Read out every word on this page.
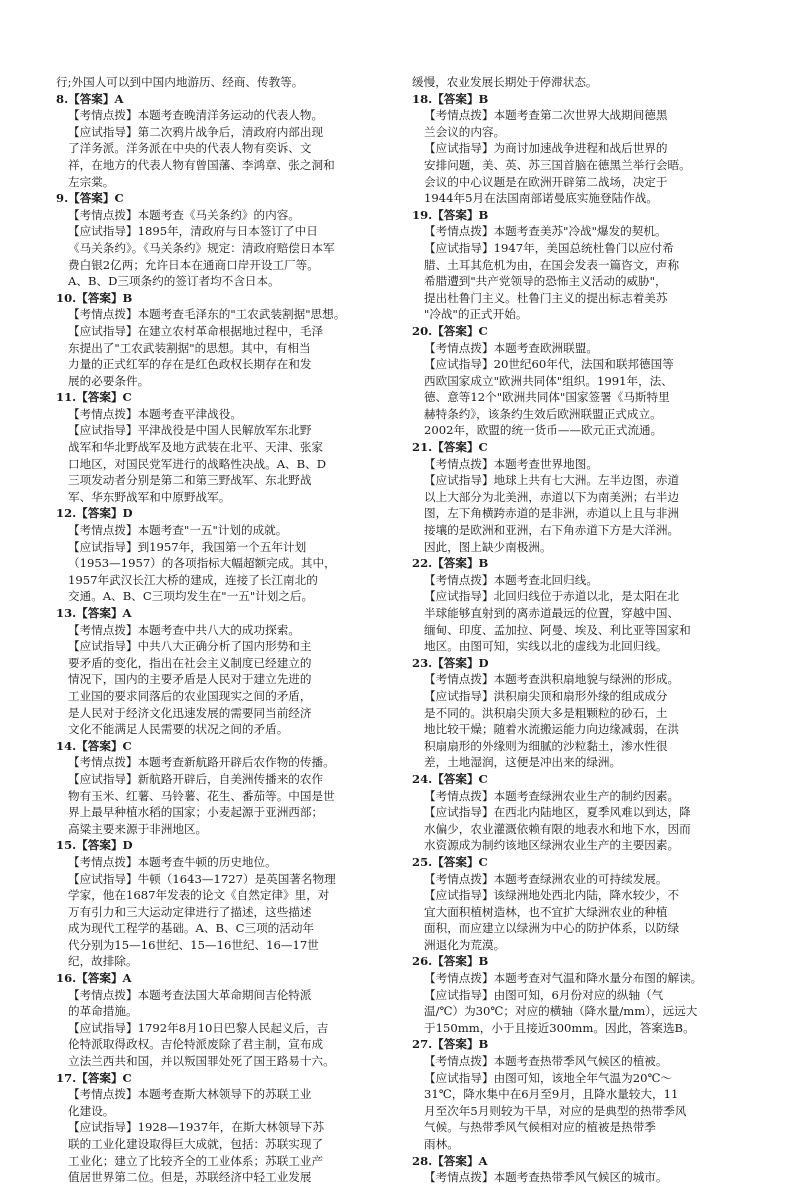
行;外国人可以到中国内地游历、经商、传教等。
8.【答案】A
【考情点拨】本题考查晚清洋务运动的代表人物。
【应试指导】第二次鸦片战争后，清政府内部出现
了洋务派。洋务派在中央的代表人物有奕诉、文
祥，在地方的代表人物有曾国藩、李鸿章、张之洞和
左宗棠。
9.【答案】C
【考情点拨】本题考查《马关条约》的内容。
【应试指导】1895年，清政府与日本签订了中日
《马关条约》。《马关条约》规定：清政府赔偿日本军
费白银2亿两；允许日本在通商口岸开设工厂等。
A、B、D三项条约的签订者均不含日本。
10.【答案】B
【考情点拨】本题考查毛泽东的"工农武装割据"思想。
【应试指导】在建立农村革命根据地过程中，毛泽
东提出了"工农武装割据"的思想。其中，有相当
力量的正式红军的存在是红色政权长期存在和发
展的必要条件。
11.【答案】C
【考情点拨】本题考查平津战役。
【应试指导】平津战役是中国人民解放军东北野
战军和华北野战军及地方武装在北平、天津、张家
口地区，对国民党军进行的战略性决战。A、B、D
三项发动者分别是第二和第三野战军、东北野战
军、华东野战军和中原野战军。
12.【答案】D
【考情点拨】本题考查"一五"计划的成就。
【应试指导】到1957年，我国第一个五年计划
（1953—1957）的各项指标大幅超额完成。其中，
1957年武汉长江大桥的建成，连接了长江南北的
交通。A、B、C三项均发生在"一五"计划之后。
13.【答案】A
【考情点拨】本题考查中共八大的成功探索。
【应试指导】中共八大正确分析了国内形势和主
要矛盾的变化，指出在社会主义制度已经建立的
情况下，国内的主要矛盾是人民对于建立先进的
工业国的要求同落后的农业国现实之间的矛盾，
是人民对于经济文化迅速发展的需要同当前经济
文化不能满足人民需要的状况之间的矛盾。
14.【答案】C
【考情点拨】本题考查新航路开辟后农作物的传播。
【应试指导】新航路开辟后，自美洲传播来的农作
物有玉米、红薯、马铃薯、花生、番茄等。中国是世
界上最早种植水稻的国家；小麦起源于亚洲西部；
高粱主要来源于非洲地区。
15.【答案】D
【考情点拨】本题考查牛顿的历史地位。
【应试指导】牛顿（1643—1727）是英国著名物理
学家，他在1687年发表的论文《自然定律》里，对
万有引力和三大运动定律进行了描述，这些描述
成为现代工程学的基础。A、B、C三项的活动年
代分别为15—16世纪、15—16世纪、16—17世
纪，故排除。
16.【答案】A
【考情点拨】本题考查法国大革命期间吉伦特派
的革命措施。
【应试指导】1792年8月10日巴黎人民起义后，吉
伦特派取得政权。吉伦特派废除了君主制，宣布成
立法兰西共和国，并以叛国罪处死了国王路易十六。
17.【答案】C
【考情点拨】本题考查斯大林领导下的苏联工业
化建设。
【应试指导】1928—1937年，在斯大林领导下苏
联的工业化建设取得巨大成就，包括：苏联实现了
工业化；建立了比较齐全的工业体系；苏联工业产
值居世界第二位。但是，苏联经济中轻工业发展
缓慢，农业发展长期处于停滞状态。
18.【答案】B
【考情点拨】本题考查第二次世界大战期间德黑
兰会议的内容。
【应试指导】为商讨加速战争进程和战后世界的
安排问题，美、英、苏三国首脑在德黑兰举行会晤。
会议的中心议题是在欧洲开辟第二战场，决定于
1944年5月在法国南部诺曼底实施登陆作战。
19.【答案】B
【考情点拨】本题考查美苏"冷战"爆发的契机。
【应试指导】1947年，美国总统杜鲁门以应付希
腊、土耳其危机为由，在国会发表一篇咨文，声称
希腊遭到"共产党领导的恐怖主义活动的威胁"，
提出杜鲁门主义。杜鲁门主义的提出标志着美苏
"冷战"的正式开始。
20.【答案】C
【考情点拨】本题考查欧洲联盟。
【应试指导】20世纪60年代，法国和联邦德国等
西欧国家成立"欧洲共同体"组织。1991年，法、
德、意等12个"欧洲共同体"国家签署《马斯特里
赫特条约》，该条约生效后欧洲联盟正式成立。
2002年，欧盟的统一货币——欧元正式流通。
21.【答案】C
【考情点拨】本题考查世界地图。
【应试指导】地球上共有七大洲。左半边图，赤道
以上大部分为北美洲，赤道以下为南美洲；右半边
图，左下角横跨赤道的是非洲，赤道以上且与非洲
接壤的是欧洲和亚洲，右下角赤道下方是大洋洲。
因此，图上缺少南极洲。
22.【答案】B
【考情点拨】本题考查北回归线。
【应试指导】北回归线位于赤道以北，是太阳在北
半球能够直射到的离赤道最远的位置，穿越中国、
缅甸、印度、孟加拉、阿曼、埃及、利比亚等国家和
地区。由图可知，实线以北的虚线为北回归线。
23.【答案】D
【考情点拨】本题考查洪积扇地貌与绿洲的形成。
【应试指导】洪积扇尖顶和扇形外缘的组成成分
是不同的。洪积扇尖顶大多是粗颗粒的砂石，土
地比较干燥；随着水流搬运能力向边缘减弱，在洪
积扇扇形的外缘则为细腻的沙粒黏土，渗水性很
差，土地湿润，这便是冲出来的绿洲。
24.【答案】C
【考情点拨】本题考查绿洲农业生产的制约因素。
【应试指导】在西北内陆地区，夏季风难以到达，降
水偏少，农业灌溉依赖有限的地表水和地下水，因而
水资源成为制约该地区绿洲农业生产的主要因素。
25.【答案】C
【考情点拨】本题考查绿洲农业的可持续发展。
【应试指导】该绿洲地处西北内陆，降水较少，不
宜大面积植树造林，也不宜扩大绿洲农业的种植
面积，而应建立以绿洲为中心的防护体系，以防绿
洲退化为荒漠。
26.【答案】B
【考情点拨】本题考查对气温和降水量分布图的解读。
【应试指导】由图可知，6月份对应的纵轴（气
温/℃）为30℃；对应的横轴（降水量/mm），远远大
于150mm，小于且接近300mm。因此，答案选B。
27.【答案】B
【考情点拨】本题考查热带季风气候区的植被。
【应试指导】由图可知，该地全年气温为20℃～
31℃，降水集中在6月至9月，且降水量较大，11
月至次年5月则较为干旱，对应的是典型的热带季风
气候。与热带季风气候相对应的植被是热带季
雨林。
28.【答案】A
【考情点拨】本题考查热带季风气候区的城市。
